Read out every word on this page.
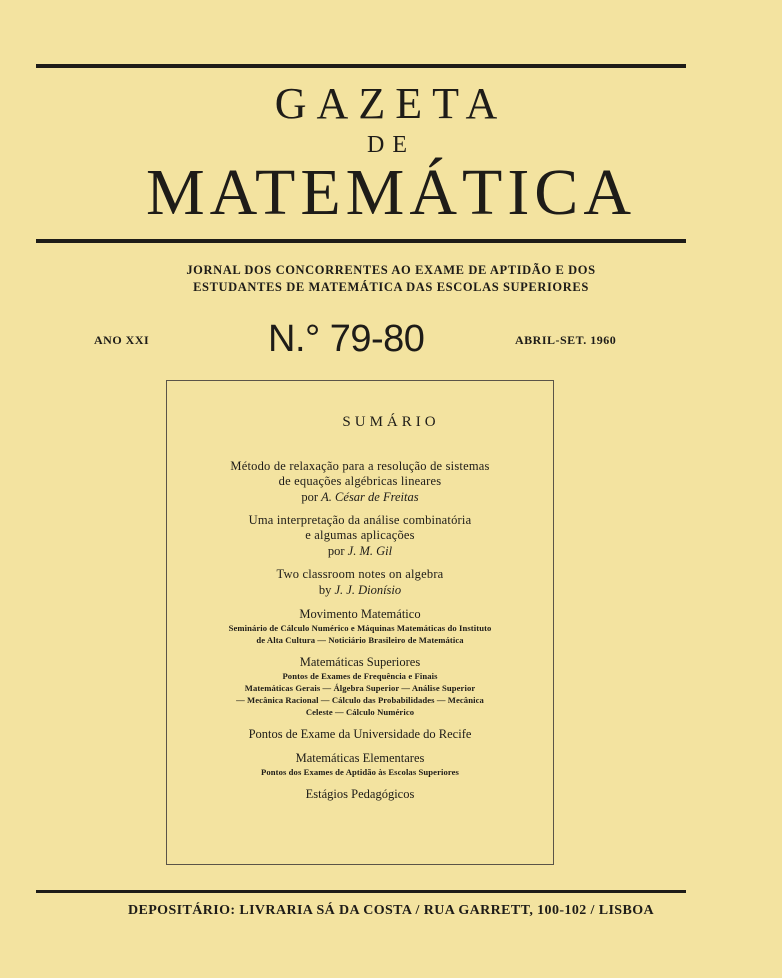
GAZETA
DE
MATEMÁTICA
JORNAL DOS CONCORRENTES AO EXAME DE APTIDÃO E DOS
ESTUDANTES DE MATEMÁTICA DAS ESCOLAS SUPERIORES
ANO XXI	N.° 79-80	ABRIL-SET. 1960
SUMÁRIO
Método de relaxação para a resolução de sistemas
de equações algébricas lineares
por A. César de Freitas
Uma interpretação da análise combinatória
e algumas aplicações
por J. M. Gil
Two classroom notes on algebra
by J. J. Dionísio
Movimento Matemático
Seminário de Cálculo Numérico e Máquinas Matemáticas do Instituto
de Alta Cultura — Noticiário Brasileiro de Matemática
Matemáticas Superiores
Pontos de Exames de Frequência e Finais
Matemáticas Gerais — Álgebra Superior — Análise Superior
— Mecânica Racional — Cálculo das Probabilidades — Mecânica
Celeste — Cálculo Numérico
Pontos de Exame da Universidade do Recife
Matemáticas Elementares
Pontos dos Exames de Aptidão às Escolas Superiores
Estágios Pedagógicos
DEPOSITÁRIO: LIVRARIA SÁ DA COSTA / RUA GARRETT, 100-102 / LISBOA
